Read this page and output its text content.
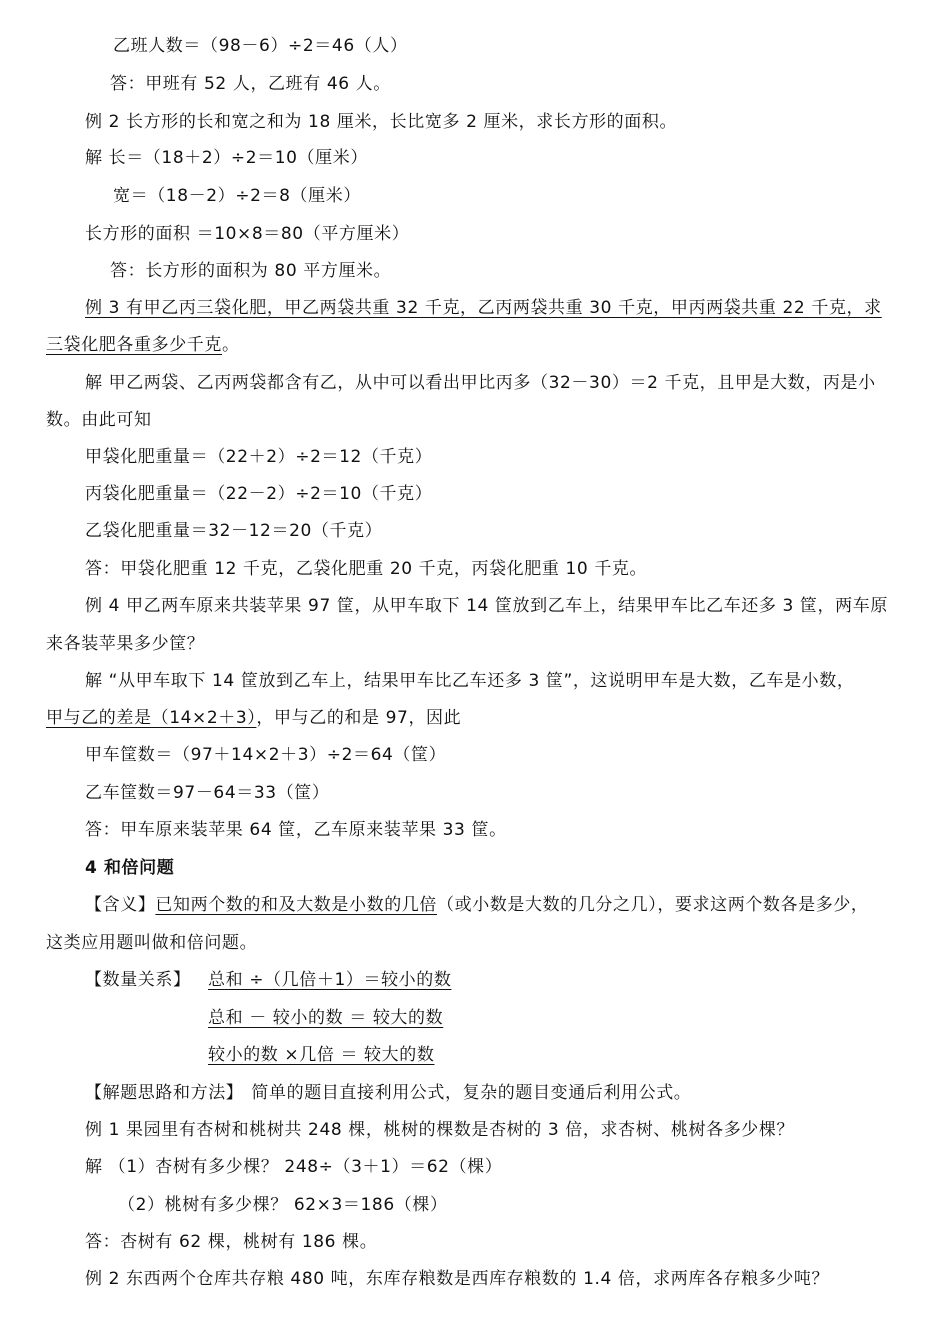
乙班人数＝（98－6）÷2＝46（人）
答：甲班有 52 人，乙班有 46 人。
例 2 长方形的长和宽之和为 18 厘米，长比宽多 2 厘米，求长方形的面积。
解 长＝（18＋2）÷2＝10（厘米）
宽＝（18－2）÷2＝8（厘米）
长方形的面积 ＝10×8＝80（平方厘米）
答：长方形的面积为 80 平方厘米。
例 3 有甲乙丙三袋化肥，甲乙两袋共重 32 千克，乙丙两袋共重 30 千克，甲丙两袋共重 22 千克，求
三袋化肥各重多少千克。
解 甲乙两袋、乙丙两袋都含有乙，从中可以看出甲比丙多（32－30）＝2 千克，且甲是大数，丙是小
数。由此可知
甲袋化肥重量＝（22＋2）÷2＝12（千克）
丙袋化肥重量＝（22－2）÷2＝10（千克）
乙袋化肥重量＝32－12＝20（千克）
答：甲袋化肥重 12 千克，乙袋化肥重 20 千克，丙袋化肥重 10 千克。
例 4 甲乙两车原来共装苹果 97 筐，从甲车取下 14 筐放到乙车上，结果甲车比乙车还多 3 筐，两车原
来各装苹果多少筐？
解 “从甲车取下 14 筐放到乙车上，结果甲车比乙车还多 3 筐”，这说明甲车是大数，乙车是小数，
甲与乙的差是（14×2＋3），甲与乙的和是 97，因此
甲车筐数＝（97＋14×2＋3）÷2＝64（筐）
乙车筐数＝97－64＝33（筐）
答：甲车原来装苹果 64 筐，乙车原来装苹果 33 筐。
4 和倍问题
【含义】已知两个数的和及大数是小数的几倍（或小数是大数的几分之几），要求这两个数各是多少，
这类应用题叫做和倍问题。
【数量关系】 总和 ÷（几倍＋1）＝较小的数
总和 － 较小的数 ＝ 较大的数
较小的数 ×几倍 ＝ 较大的数
【解题思路和方法】 简单的题目直接利用公式，复杂的题目变通后利用公式。
例 1 果园里有杏树和桃树共 248 棵，桃树的棵数是杏树的 3 倍，求杏树、桃树各多少棵？
解 （1）杏树有多少棵？ 248÷（3＋1）＝62（棵）
（2）桃树有多少棵？ 62×3＝186（棵）
答：杏树有 62 棵，桃树有 186 棵。
例 2 东西两个仓库共存粮 480 吨，东库存粮数是西库存粮数的 1.4 倍，求两库各存粮多少吨？
